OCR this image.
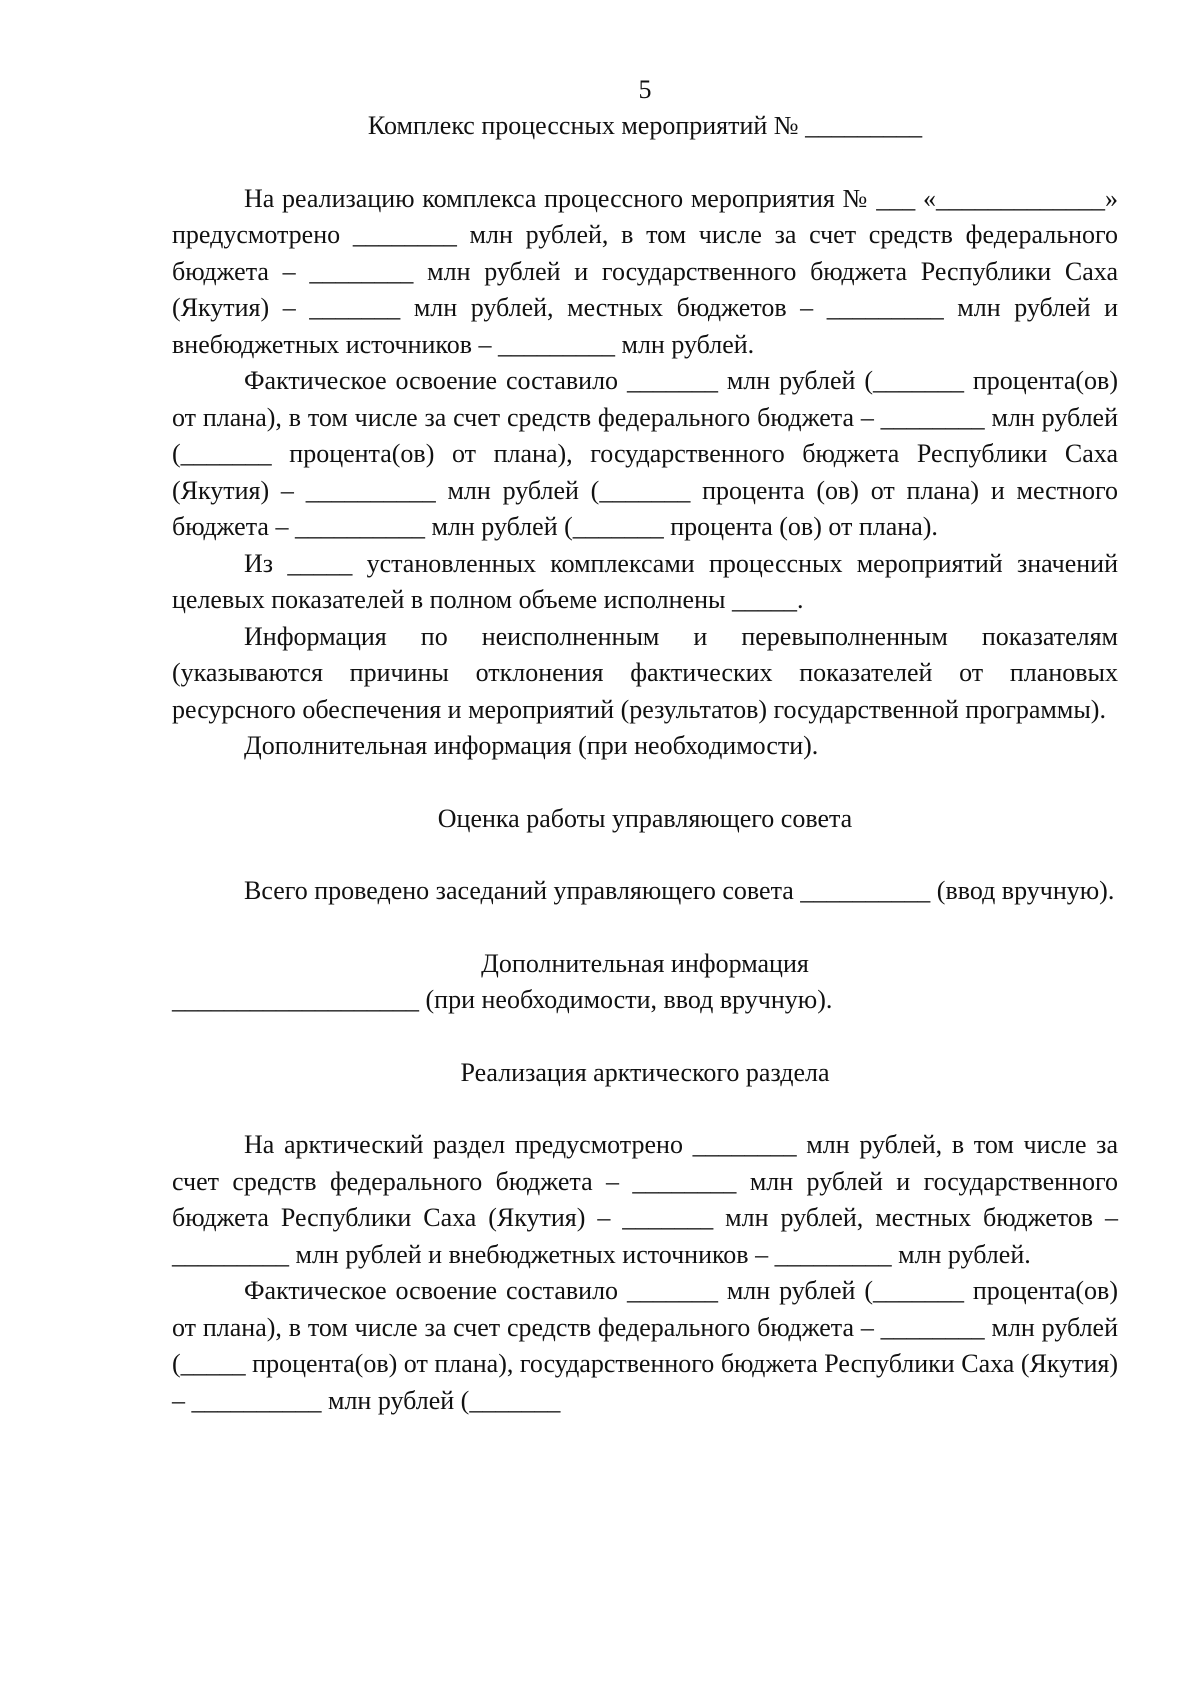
5

Комплекс процессных мероприятий № _________

На реализацию комплекса процессного мероприятия № ___ «_____________» предусмотрено ________ млн рублей, в том числе за счет средств федерального бюджета – ________ млн рублей и государственного бюджета Республики Саха (Якутия) – _______ млн рублей, местных бюджетов – _________ млн рублей и внебюджетных источников – _________ млн рублей.

Фактическое освоение составило _______ млн рублей (_______ процента(ов) от плана), в том числе за счет средств федерального бюджета – ________ млн рублей (_______ процента(ов) от плана), государственного бюджета Республики Саха (Якутия) – __________ млн рублей (_______ процента (ов) от плана) и местного бюджета – __________ млн рублей (_______ процента (ов) от плана).

Из _____ установленных комплексами процессных мероприятий значений целевых показателей в полном объеме исполнены _____.

Информация по неисполненным и перевыполненным показателям (указываются причины отклонения фактических показателей от плановых ресурсного обеспечения и мероприятий (результатов) государственной программы).

Дополнительная информация (при необходимости).

Оценка работы управляющего совета

Всего проведено заседаний управляющего совета __________ (ввод вручную).

Дополнительная информация

___________________ (при необходимости, ввод вручную).

Реализация арктического раздела

На арктический раздел предусмотрено ________ млн рублей, в том числе за счет средств федерального бюджета – ________ млн рублей и государственного бюджета Республики Саха (Якутия) – _______ млн рублей, местных бюджетов – _________ млн рублей и внебюджетных источников – _________ млн рублей.

Фактическое освоение составило _______ млн рублей (_______ процента(ов) от плана), в том числе за счет средств федерального бюджета – ________ млн рублей (_____ процента(ов) от плана), государственного бюджета Республики Саха (Якутия) – __________ млн рублей (_______
